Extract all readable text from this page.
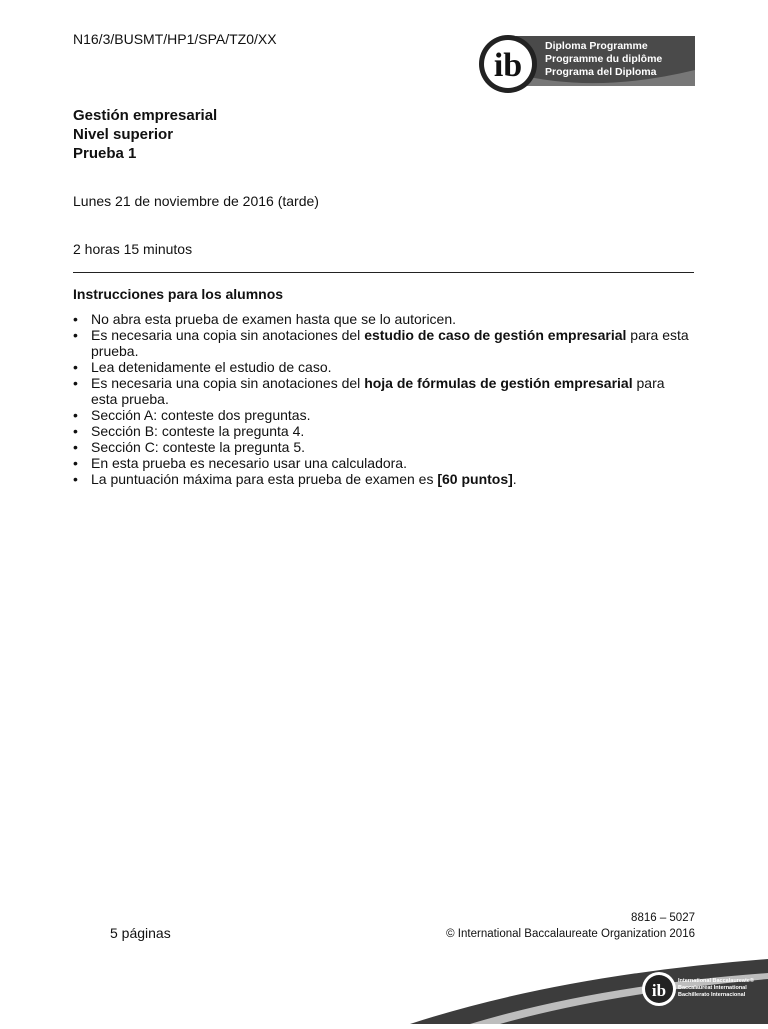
N16/3/BUSMT/HP1/SPA/TZ0/XX
ib
Diploma Programme
Programme du diplôme
Programa del Diploma
Gestión empresarial
Nivel superior
Prueba 1
Lunes 21 de noviembre de 2016 (tarde)
2 horas 15 minutos
Instrucciones para los alumnos
• No abra esta prueba de examen hasta que se lo autoricen.
• Es necesaria una copia sin anotaciones del estudio de caso de gestión empresarial para esta prueba.
• Lea detenidamente el estudio de caso.
• Es necesaria una copia sin anotaciones del hoja de fórmulas de gestión empresarial para esta prueba.
• Sección A: conteste dos preguntas.
• Sección B: conteste la pregunta 4.
• Sección C: conteste la pregunta 5.
• En esta prueba es necesario usar una calculadora.
• La puntuación máxima para esta prueba de examen es [60 puntos].
5 páginas
8816 – 5027
© International Baccalaureate Organization 2016
ib International Baccalaureate®
Baccalauréat International
Bachillerato Internacional
